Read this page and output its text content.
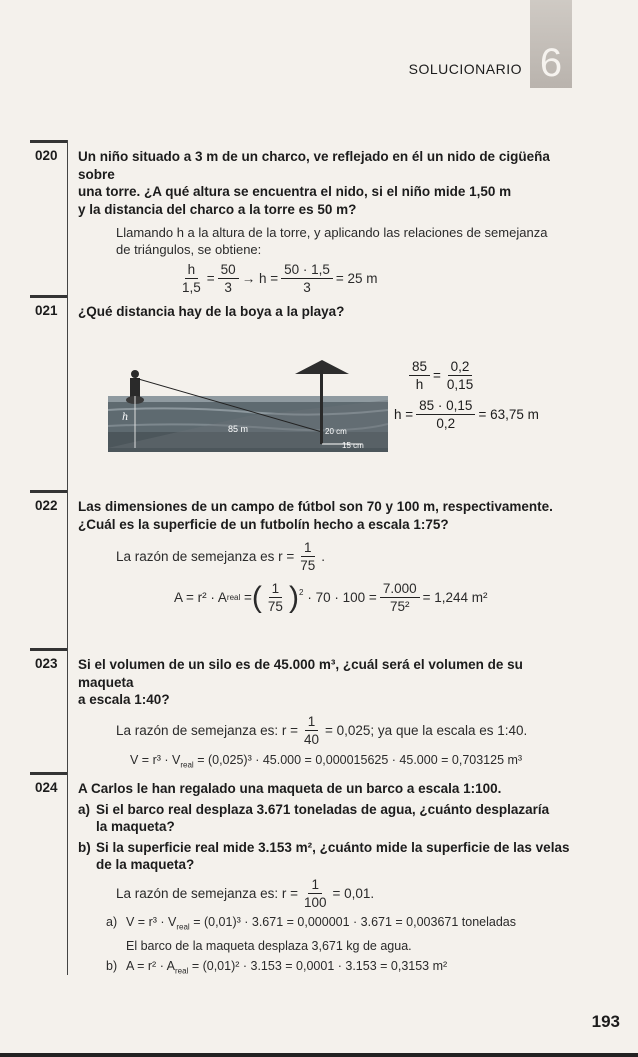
6
SOLUCIONARIO
020 Un niño situado a 3 m de un charco, ve reflejado en él un nido de cigüeña sobre
una torre. ¿A qué altura se encuentra el nido, si el niño mide 1,50 m
y la distancia del charco a la torre es 50 m?
Llamando h a la altura de la torre, y aplicando las relaciones de semejanza
de triángulos, se obtiene:
$\frac{h}{1,5} = \frac{50}{3} \to h = \frac{50 \cdot 1,5}{3} = 25$ m
021 ¿Qué distancia hay de la boya a la playa?
h
85 m	20 cm
15 cm
$\frac{85}{h} = \frac{0,2}{0,15}$
$h = \frac{85 \cdot 0,15}{0,2} = 63,75$ m
022 Las dimensiones de un campo de fútbol son 70 y 100 m, respectivamente.
¿Cuál es la superficie de un futbolín hecho a escala 1:75?
La razón de semejanza es $r = \frac{1}{75}$ .
A = r² · A real
= ( $\frac{1}{75} )^2 \cdot 70 \cdot 100 = \frac{7.000}{\text{75²}} = 1,244$ m²
023 Si el volumen de un silo es de 45.000 m³, ¿cuál será el volumen de su maqueta
a escala 1:40?
La razón de semejanza es: $r = \frac{1}{40} = 0,025$; ya que la escala es 1:40.
$V = r^3 \cdot V_{real} = (0,025)^3 \cdot 45.000 = 0,000015625 \cdot 45.000 = 0,703125$ m³
024 A Carlos le han regalado una maqueta de un barco a escala 1:100.
a) Si el barco real desplaza 3.671 toneladas de agua, ¿cuánto desplazaría
la maqueta?
b) Si la superficie real mide 3.153 m², ¿cuánto mide la superficie de las velas
de la maqueta?
La razón de semejanza es: $r = \frac{1}{100} = 0,01$.
a) $V = r^3 \cdot V_{real} = (0,01)^3 \cdot 3.671 = 0,000001 \cdot 3.671 = 0,003671$ toneladas
El barco de la maqueta desplaza 3,671 kg de agua.
b) $A = r^2 \cdot A_{real} = (0,01)^2 \cdot 3.153 = 0,0001 \cdot 3.153 = 0,3153$ m²
193
